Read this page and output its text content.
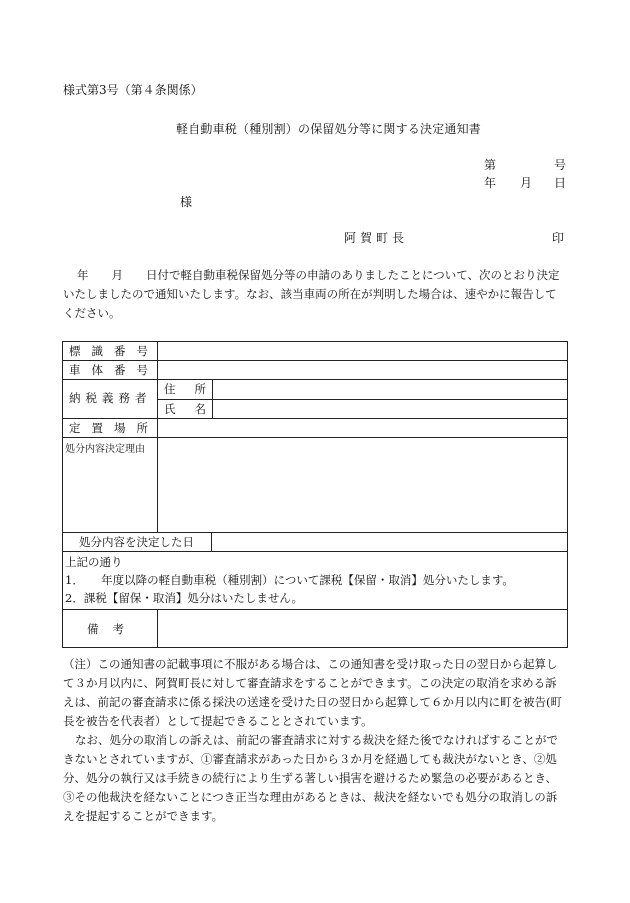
様式第3号（第４条関係）
軽自動車税（種別割）の保留処分等に関する決定通知書
第	号
年 月 日
様
阿賀町長	印
年　　月　　日付で軽自動車税保留処分等の申請のありましたことについて、次のとおり決定
いたしましたので通知いたします。なお、該当車両の所在が判明した場合は、速やかに報告して
ください。
標識番号
車体番号
納税義務者
住所
氏名
定置場所
処分内容決定理由
処分内容を決定した日
上記の通り
1．　　年度以降の軽自動車税（種別割）について課税【保留・取消】処分いたします。
2．課税【留保・取消】処分はいたしません。
備考
（注）この通知書の記載事項に不服がある場合は、この通知書を受け取った日の翌日から起算し
て３か月以内に、阿賀町長に対して審査請求をすることができます。この決定の取消を求める訴
えは、前記の審査請求に係る採決の送達を受けた日の翌日から起算して６か月以内に町を被告(町
長を被告を代表者）として提起できることとされています。
なお、処分の取消しの訴えは、前記の審査請求に対する裁決を経た後でなければすることがで
きないとされていますが、①審査請求があった日から３か月を経過しても裁決がないとき、②処
分、処分の執行又は手続きの続行により生ずる著しい損害を避けるため緊急の必要があるとき、
③その他裁決を経ないことにつき正当な理由があるときは、裁決を経ないでも処分の取消しの訴
えを提起することができます。
